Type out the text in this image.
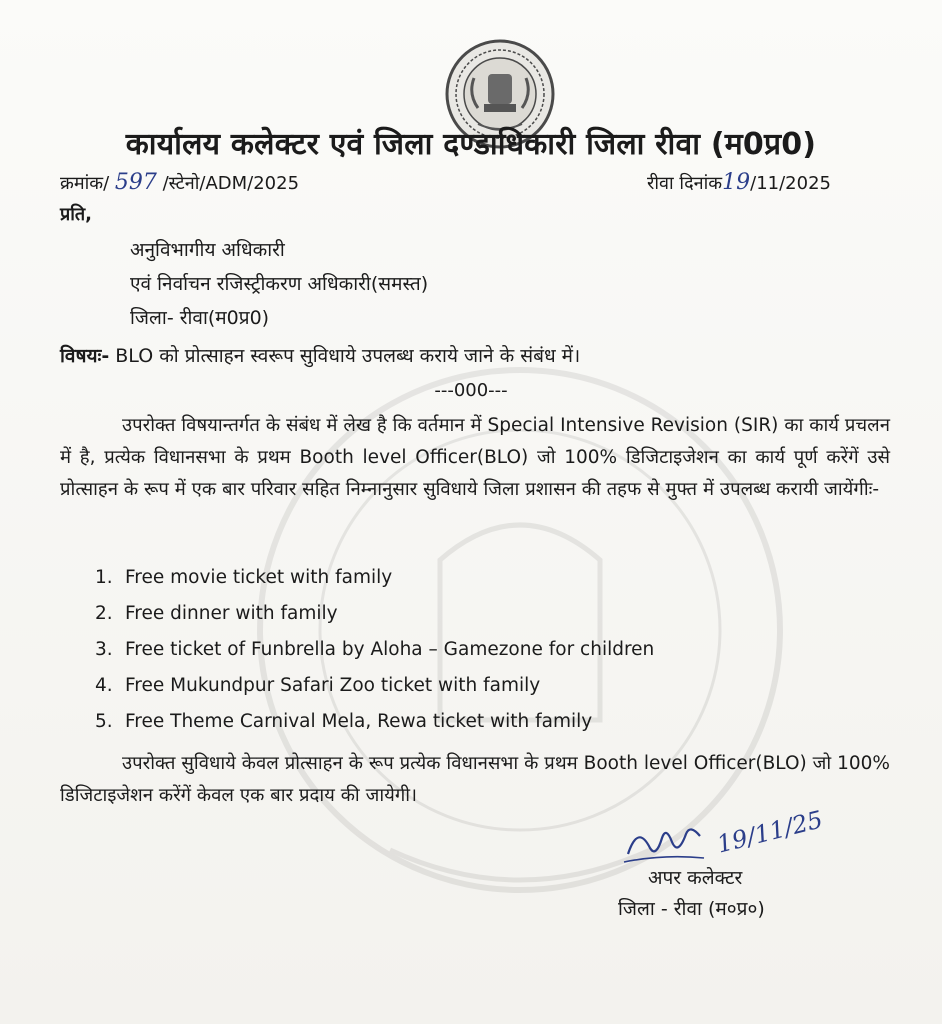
कार्यालय कलेक्टर एवं जिला दण्डाधिकारी जिला रीवा (म0प्र0)
क्रमांक/ 597 /स्टेनो/ADM/2025	रीवा दिनांक19/11/2025
प्रति,
अनुविभागीय अधिकारी
एवं निर्वाचन रजिस्ट्रीकरण अधिकारी(समस्त)
जिला- रीवा(म0प्र0)
विषयः- BLO को प्रोत्साहन स्वरूप सुविधाये उपलब्ध कराये जाने के संबंध में।
---000---
उपरोक्त विषयान्तर्गत के संबंध में लेख है कि वर्तमान में Special Intensive Revision (SIR) का कार्य प्रचलन में है, प्रत्येक विधानसभा के प्रथम Booth level Officer(BLO) जो 100% डिजिटाइजेशन का कार्य पूर्ण करेंगें उसे प्रोत्साहन के रूप में एक बार परिवार सहित निम्नानुसार सुविधाये जिला प्रशासन की तहफ से मुफ्त में उपलब्ध करायी जायेंगीः-
1. Free movie ticket with family
2. Free dinner with family
3. Free ticket of Funbrella by Aloha – Gamezone for children
4. Free Mukundpur Safari Zoo ticket with family
5. Free Theme Carnival Mela, Rewa ticket with family
उपरोक्त सुविधाये केवल प्रोत्साहन के रूप प्रत्येक विधानसभा के प्रथम Booth level Officer(BLO) जो 100% डिजिटाइजेशन करेंगें केवल एक बार प्रदाय की जायेगी।
19/11/25
अपर कलेक्टर
जिला - रीवा (म०प्र०)
